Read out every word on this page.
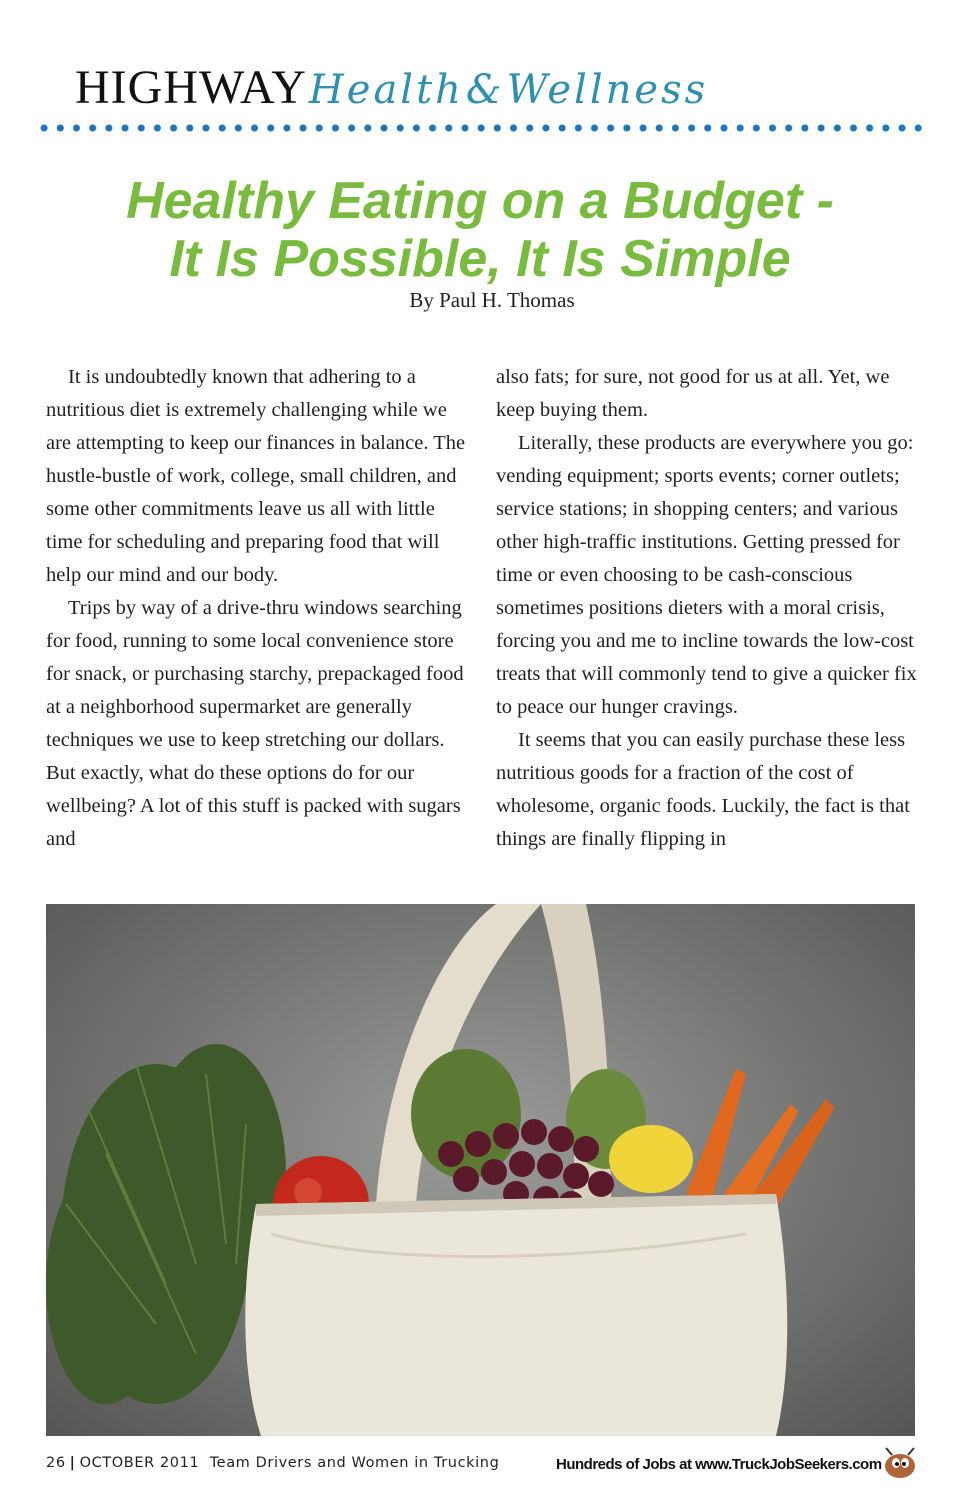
HIGHWAYHealth&Wellness
Healthy Eating on a Budget -
It Is Possible, It Is Simple
By Paul H. Thomas

It is undoubtedly known that adhering to a nutritious diet is extremely challenging while we are attempting to keep our finances in balance. The hustle-bustle of work, college, small children, and some other commitments leave us all with little time for scheduling and preparing food that will help our mind and our body.

Trips by way of a drive-thru windows searching for food, running to some local convenience store for snack, or purchasing starchy, prepackaged food at a neighborhood supermarket are generally techniques we use to keep stretching our dollars. But exactly, what do these options do for our wellbeing? A lot of this stuff is packed with sugars and

also fats; for sure, not good for us at all. Yet, we keep buying them.

Literally, these products are everywhere you go: vending equipment; sports events; corner outlets; service stations; in shopping centers; and various other high-traffic institutions. Getting pressed for time or even choosing to be cash-conscious sometimes positions dieters with a moral crisis, forcing you and me to incline towards the low-cost treats that will commonly tend to give a quicker fix to peace our hunger cravings.

It seems that you can easily purchase these less nutritious goods for a fraction of the cost of wholesome, organic foods. Luckily, the fact is that things are finally flipping in

26 | OCTOBER 2011 Team Drivers and Women in Trucking	Hundreds of Jobs at www.TruckJobSeekers.com
